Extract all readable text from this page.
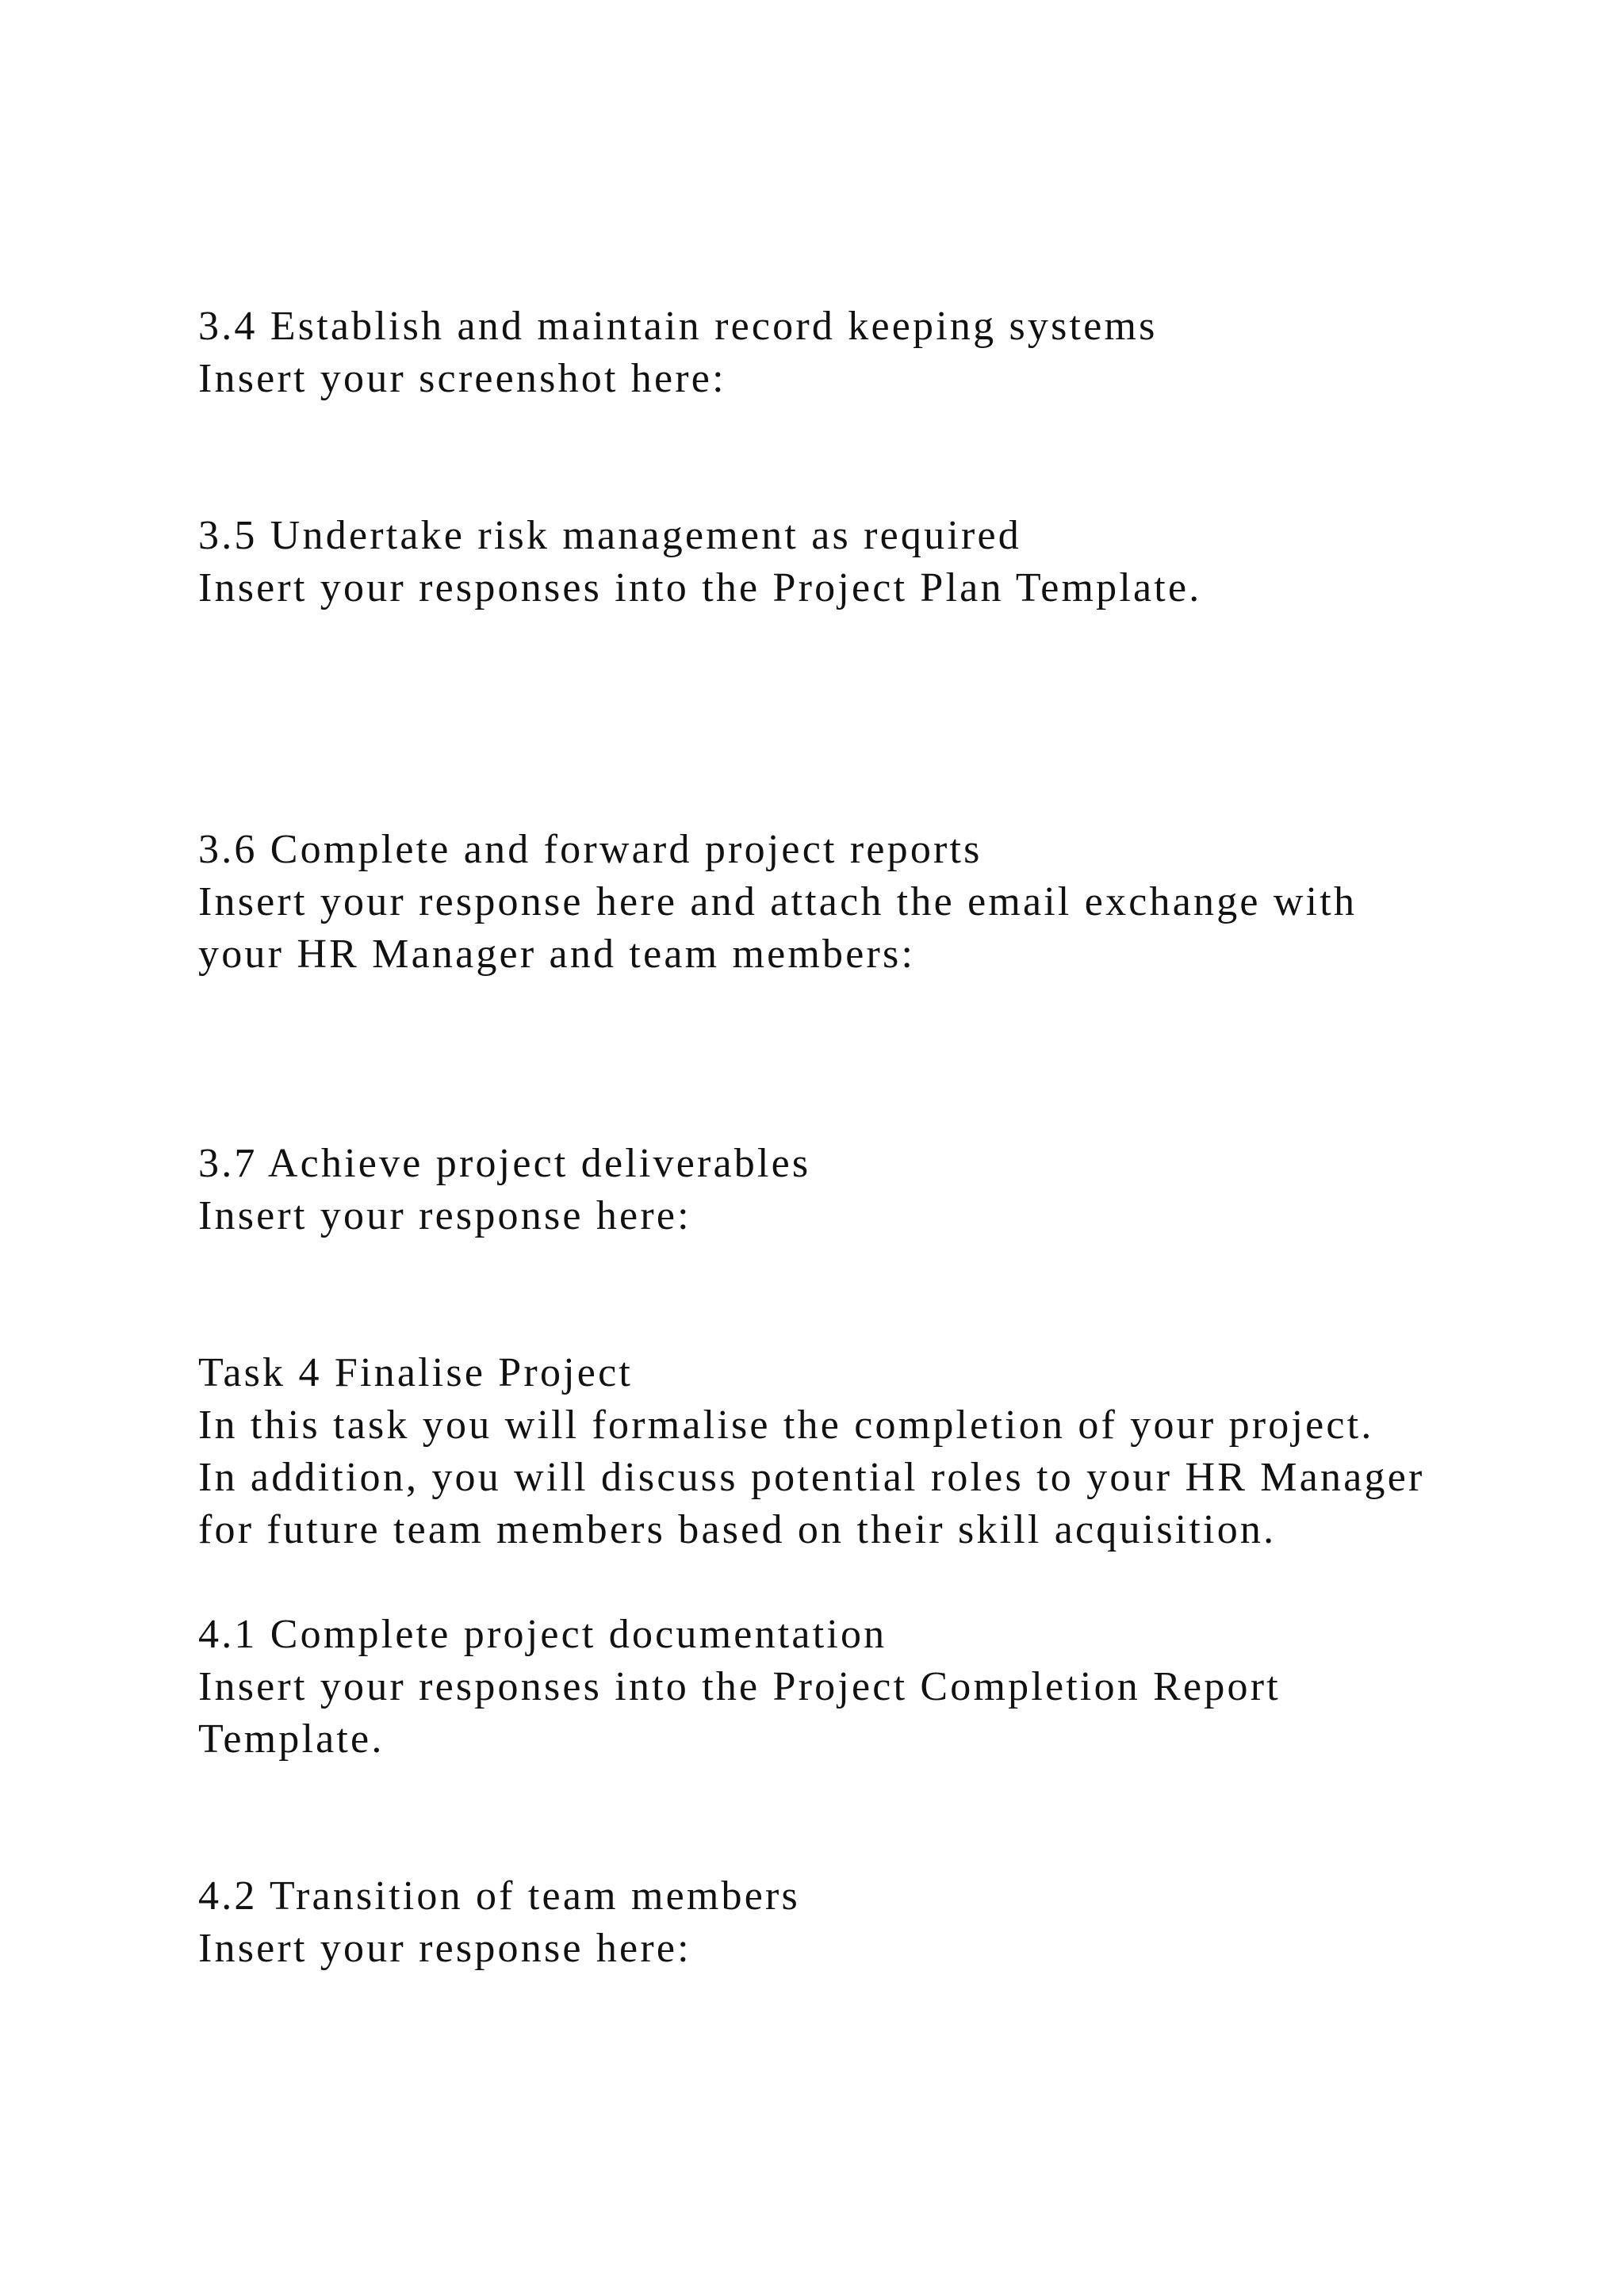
3.4 Establish and maintain record keeping systems

Insert your screenshot here:

3.5 Undertake risk management as required

Insert your responses into the Project Plan Template.

3.6 Complete and forward project reports

Insert your response here and attach the email exchange with

your HR Manager and team members:

3.7 Achieve project deliverables

Insert your response here:

Task 4 Finalise Project

In this task you will formalise the completion of your project.

In addition, you will discuss potential roles to your HR Manager

for future team members based on their skill acquisition.

4.1 Complete project documentation

Insert your responses into the Project Completion Report

Template.

4.2 Transition of team members

Insert your response here:
